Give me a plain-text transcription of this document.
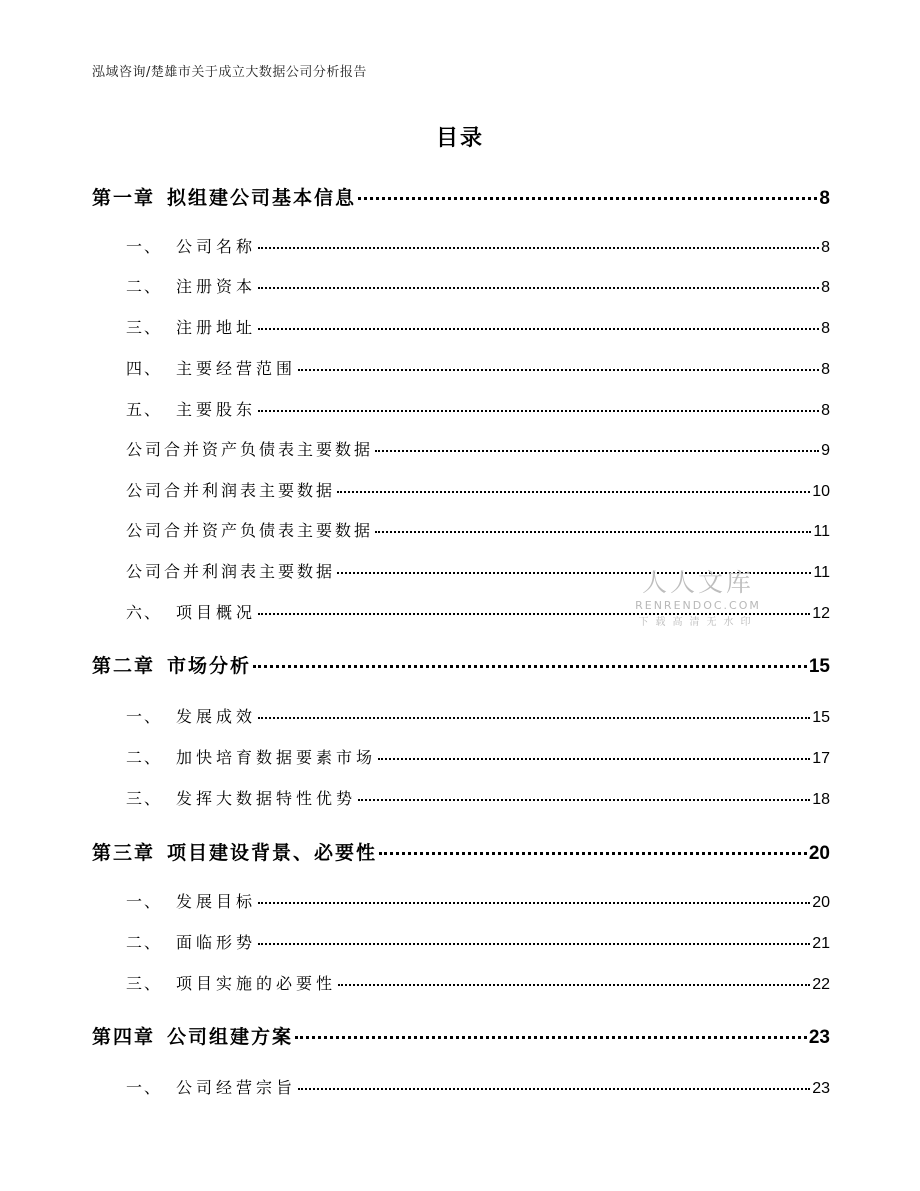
泓域咨询/楚雄市关于成立大数据公司分析报告
目录
第一章 拟组建公司基本信息	8
一、 公司名称	8
二、 注册资本	8
三、 注册地址	8
四、 主要经营范围	8
五、 主要股东	8
公司合并资产负债表主要数据	9
公司合并利润表主要数据	10
公司合并资产负债表主要数据	11
公司合并利润表主要数据	11
六、 项目概况	12
第二章 市场分析	15
一、 发展成效	15
二、 加快培育数据要素市场	17
三、 发挥大数据特性优势	18
第三章 项目建设背景、必要性	20
一、 发展目标	20
二、 面临形势	21
三、 项目实施的必要性	22
第四章 公司组建方案	23
一、 公司经营宗旨	23
人人文库
RENRENDOC.COM
下载高清无水印
